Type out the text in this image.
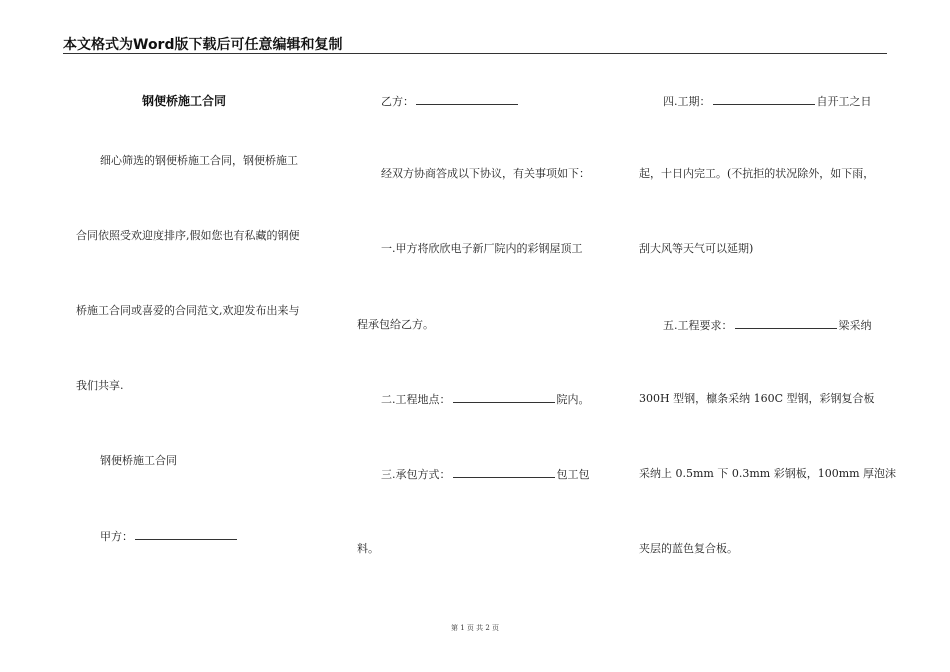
本文格式为Word版下载后可任意编辑和复制
钢便桥施工合同
细心筛选的钢便桥施工合同，钢便桥施工
合同依照受欢迎度排序,假如您也有私藏的钢便
桥施工合同或喜爱的合同范文,欢迎发布出来与
我们共享.
钢便桥施工合同
甲方：
乙方：
经双方协商答成以下协议，有关事项如下：
一.甲方将欣欣电子新厂院内的彩钢屋顶工
程承包给乙方。
二.工程地点：	院内。
三.承包方式：	包工包
料。
四.工期：	自开工之日
起，十日内完工。(不抗拒的状况除外，如下雨，
刮大风等天气可以延期)
五.工程要求：	梁采纳
300H 型钢，檩条采纳 160C 型钢，彩钢复合板
采纳上 0.5mm 下 0.3mm 彩钢板，100mm 厚泡沫
夹层的蓝色复合板。
第 1 页 共 2 页
